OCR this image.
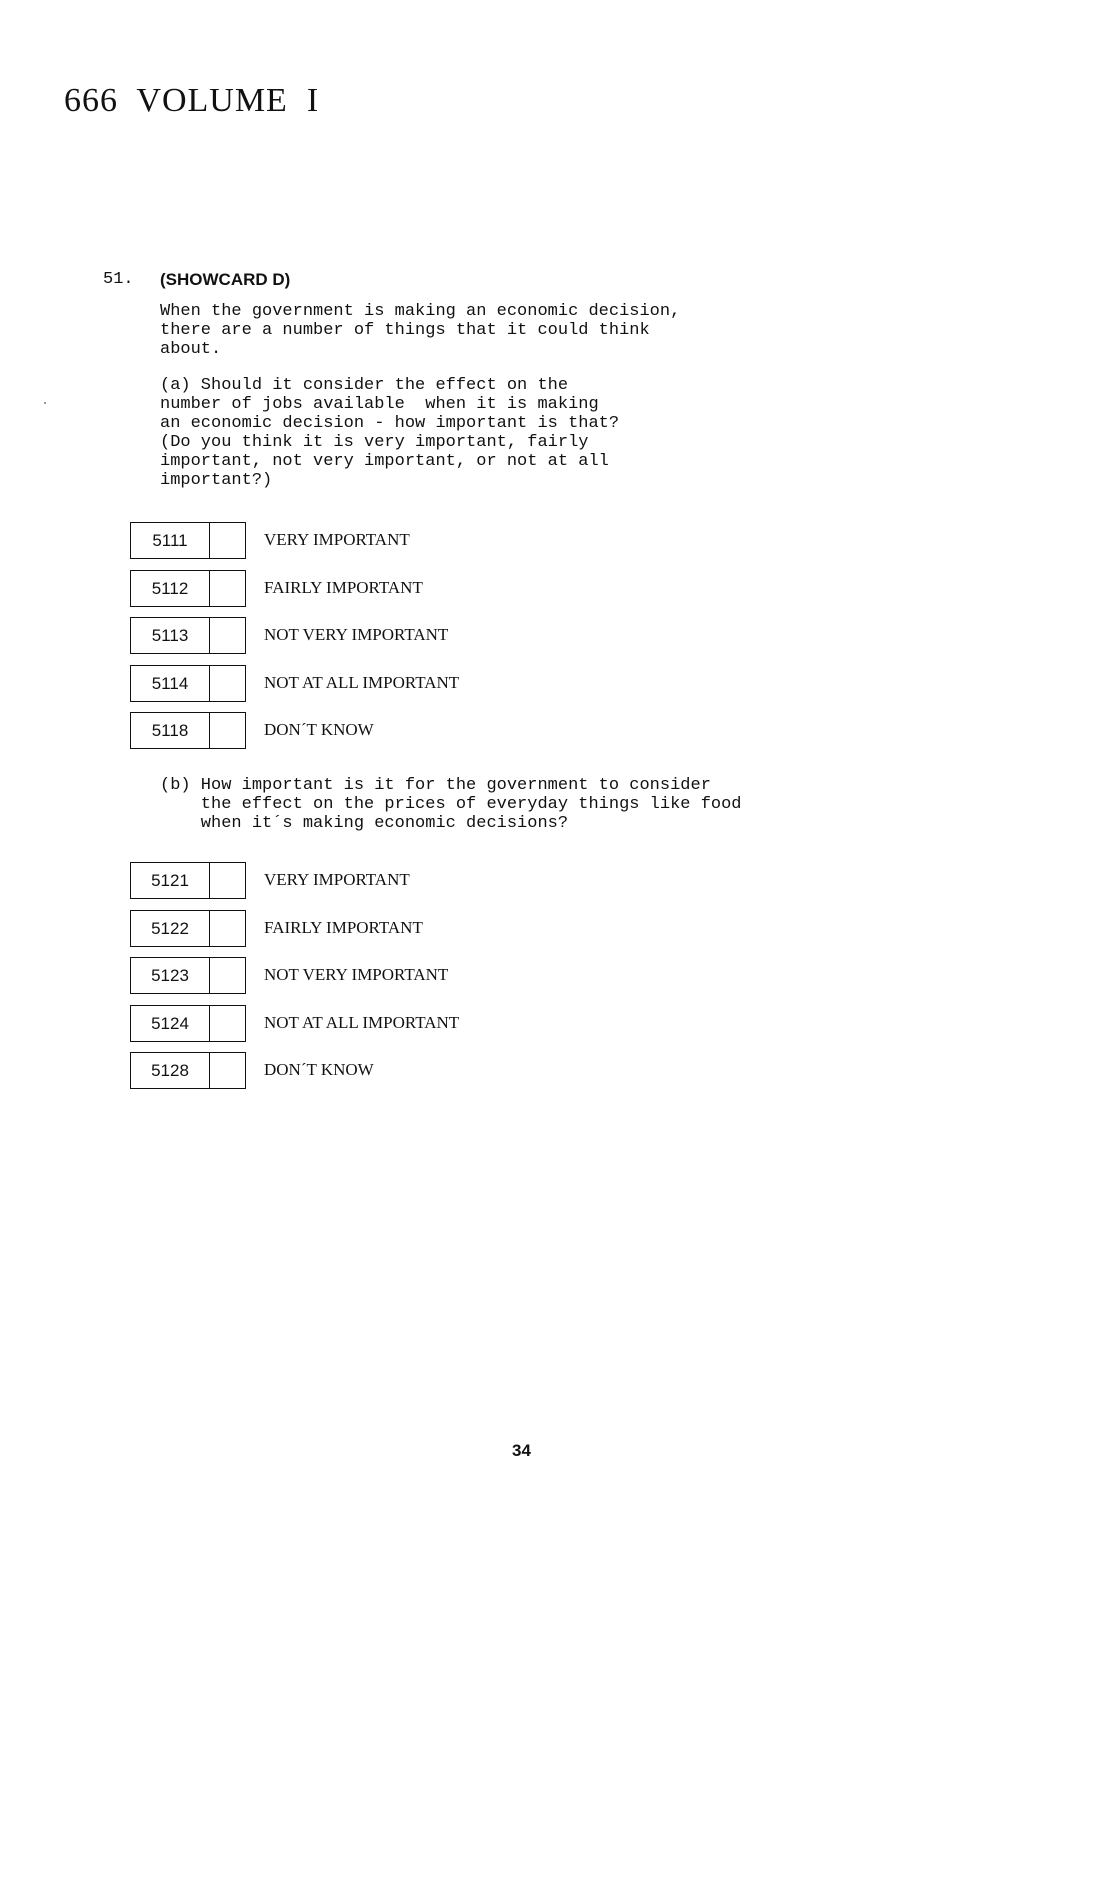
666  VOLUME  I
51. (SHOWCARD D)
When the government is making an economic decision,
there are a number of things that it could think
about.
(a) Should it consider the effect on the
number of jobs available  when it is making
an economic decision - how important is that?
(Do you think it is very important, fairly
important, not very important, or not at all
important?)
5111	VERY IMPORTANT
5112	FAIRLY IMPORTANT
5113	NOT VERY IMPORTANT
5114	NOT AT ALL IMPORTANT
5118	DON´T KNOW
(b) How important is it for the government to consider
the effect on the prices of everyday things like food
when it´s making economic decisions?
5121	VERY IMPORTANT
5122	FAIRLY IMPORTANT
5123	NOT VERY IMPORTANT
5124	NOT AT ALL IMPORTANT
5128	DON´T KNOW
34
